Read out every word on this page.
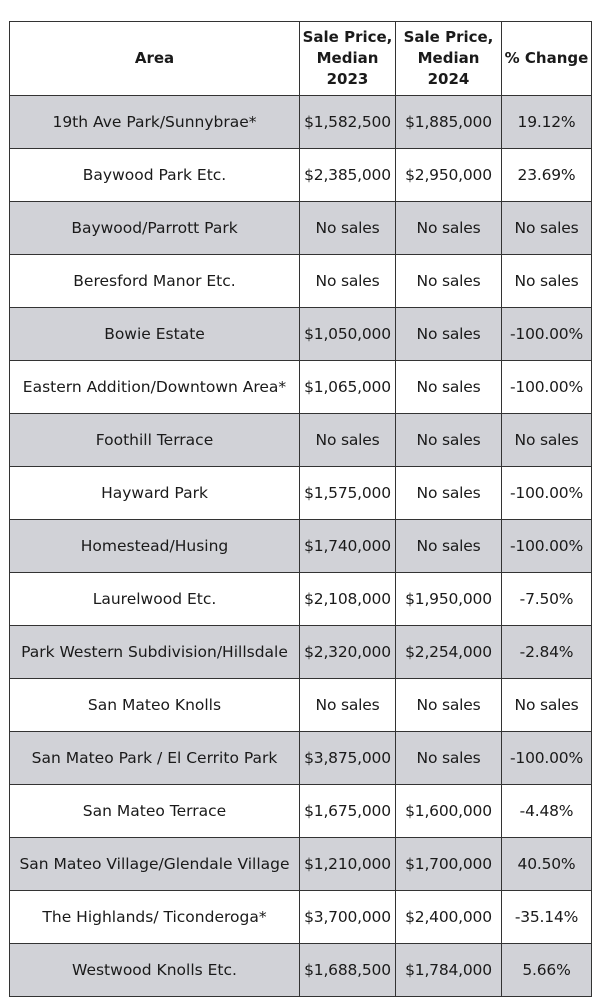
Area	Sale Price, Median 2023	Sale Price, Median 2024	% Change
19th Ave Park/Sunnybrae*	$1,582,500	$1,885,000	19.12%
Baywood Park Etc.	$2,385,000	$2,950,000	23.69%
Baywood/Parrott Park	No sales	No sales	No sales
Beresford Manor Etc.	No sales	No sales	No sales
Bowie Estate	$1,050,000	No sales	-100.00%
Eastern Addition/Downtown Area*	$1,065,000	No sales	-100.00%
Foothill Terrace	No sales	No sales	No sales
Hayward Park	$1,575,000	No sales	-100.00%
Homestead/Husing	$1,740,000	No sales	-100.00%
Laurelwood Etc.	$2,108,000	$1,950,000	-7.50%
Park Western Subdivision/Hillsdale	$2,320,000	$2,254,000	-2.84%
San Mateo Knolls	No sales	No sales	No sales
San Mateo Park / El Cerrito Park	$3,875,000	No sales	-100.00%
San Mateo Terrace	$1,675,000	$1,600,000	-4.48%
San Mateo Village/Glendale Village	$1,210,000	$1,700,000	40.50%
The Highlands/ Ticonderoga*	$3,700,000	$2,400,000	-35.14%
Westwood Knolls Etc.	$1,688,500	$1,784,000	5.66%
